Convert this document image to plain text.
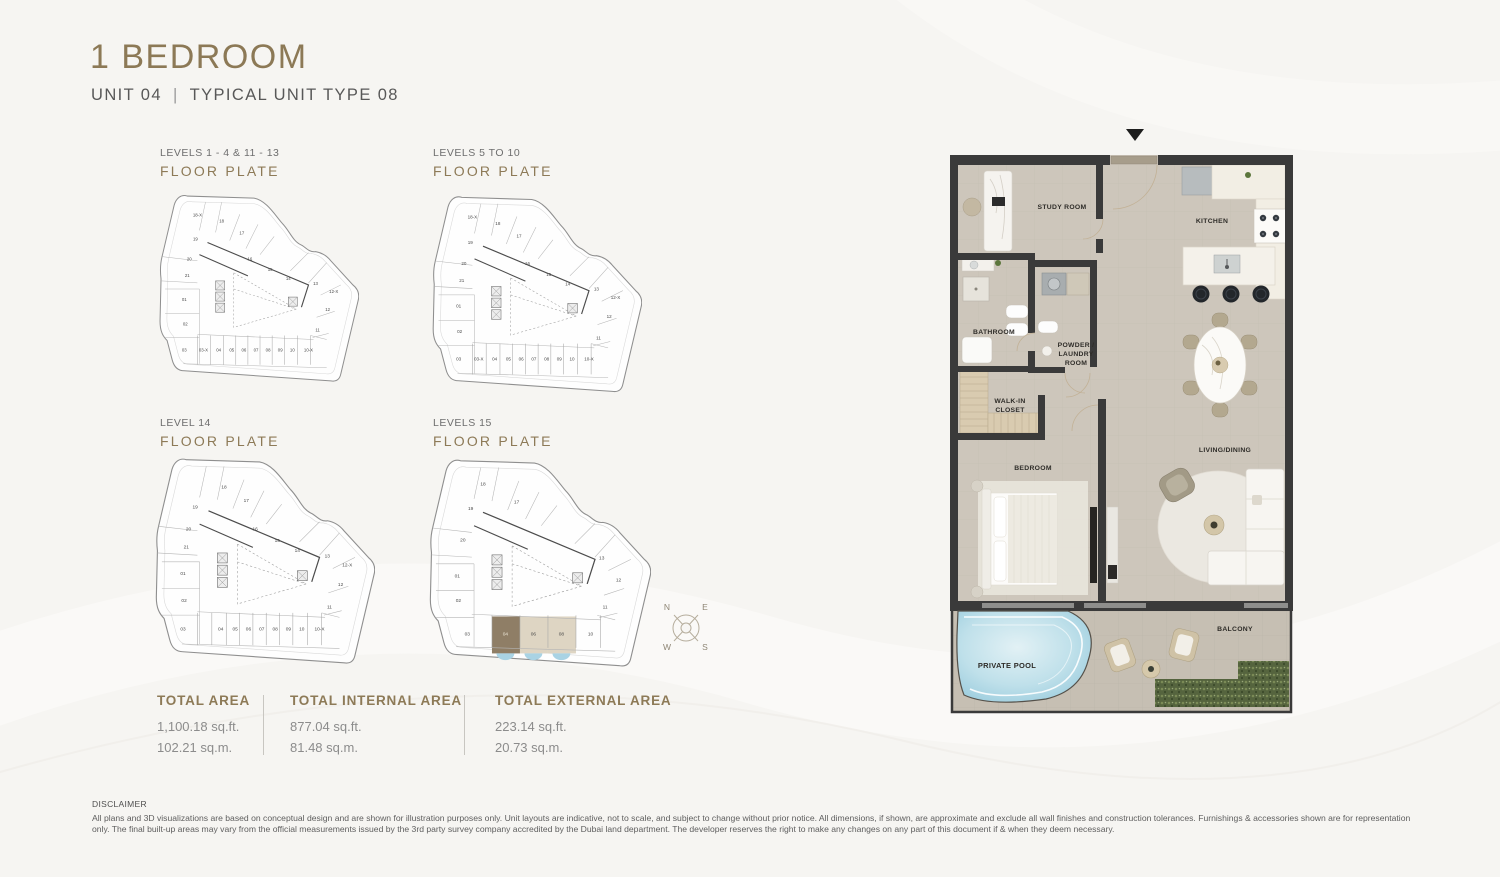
1 BEDROOM
UNIT 04 | TYPICAL UNIT TYPE 08
LEVELS 1 - 4 & 11 - 13
FLOOR PLATE
LEVELS 5 TO 10
FLOOR PLATE
LEVEL 14
FLOOR PLATE
LEVELS 15
FLOOR PLATE
18-X
18
17
19
20
21
16
15
14
13
12-X
12
11
01
02
03	03-X 04 05 06 07 08 09 10 10-X
18-X
18
17
19
20
21
16
15
14
13
12-X
12
11
01
02
03	03-X 04 05 06 07 08 09 10 10-X
18
17
19
20
21
16
15
14
13
12-X
12
11
01
02
03	04 05 06 07 08 09 10 10-X
18
17
19
20
13
12
11
01
02
03	04	06	08	10
N	E
W	S
STUDY ROOM
KITCHEN
BATHROOM
POWDER /
LAUNDRY
ROOM
WALK-IN
CLOSET
BEDROOM
LIVING/DINING
BALCONY
PRIVATE POOL
TOTAL AREA
1,100.18 sq.ft.
102.21 sq.m.
TOTAL INTERNAL AREA
877.04 sq.ft.
81.48 sq.m.
TOTAL EXTERNAL AREA
223.14 sq.ft.
20.73 sq.m.
DISCLAIMER
All plans and 3D visualizations are based on conceptual design and are shown for illustration purposes only. Unit layouts are indicative, not to scale, and subject to change without prior notice. All dimensions, if shown, are approximate and exclude all wall finishes and construction tolerances. Furnishings & accessories shown are for representation only. The final built-up areas may vary from the official measurements issued by the 3rd party survey company accredited by the Dubai land department. The developer reserves the right to make any changes on any part of this document if & when they deem necessary.
